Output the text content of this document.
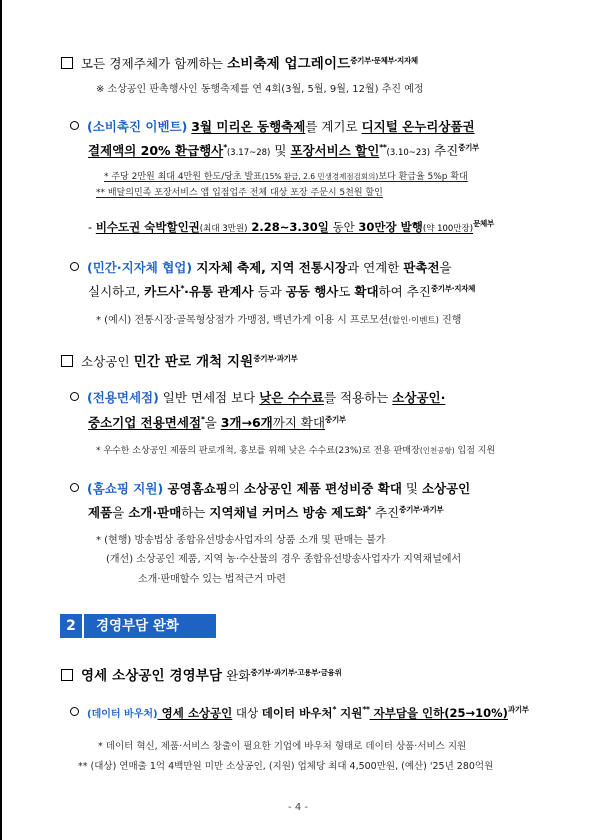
모든 경제주체가 함께하는 소비축제 업그레이드$^{중기부\cdot 문체부\cdot 지자체}$
※ 소상공인 판촉행사인 동행축제를 연 4회(3월, 5월, 9월, 12월) 추진 예정
(소비촉진 이벤트) 3월 미리온 동행축제를 계기로 디지털 온누리상품권
결제액의 20% 환급행사*(3.17~28) 및 포장서비스 할인**(3.10~23) 추진$^{중기부}$
* 주당 2만원 최대 4만원 한도/당초 발표(15% 환급, 2.6 민생경제점검회의)보다 환급율 5%p 확대
** 배달의민족 포장서비스 앱 입점업주 전체 대상 포장 주문시 5천원 할인
- 비수도권 숙박할인권(최대 3만원) 2.28~3.30일 동안 30만장 발행(약 100만장)$^{문체부}$
(민간·지자체 협업) 지자체 축제, 지역 전통시장과 연계한 판촉전을
실시하고, 카드사*·유통 관계사 등과 공동 행사도 확대하여 추진$^{중기부\cdot 지자체}$
* (예시) 전통시장·골목형상점가 가맹점, 백년가게 이용 시 프로모션(할인·이벤트) 진행
소상공인 민간 판로 개척 지원$^{중기부\cdot 과기부}$
(전용면세점) 일반 면세점 보다 낮은 수수료를 적용하는 소상공인·
중소기업 전용면세점*을 3개→6개까지 확대$^{중기부}$
* 우수한 소상공인 제품의 판로개척, 홍보를 위해 낮은 수수료(23%)로 전용 판매장(인천공항) 입점 지원
(홈쇼핑 지원) 공영홈쇼핑의 소상공인 제품 편성비중 확대 및 소상공인
제품을 소개·판매하는 지역채널 커머스 방송 제도화* 추진$^{중기부\cdot 과기부}$
* (현행) 방송법상 종합유선방송사업자의 상품 소개 및 판매는 불가
(개선) 소상공인 제품, 지역 농·수산물의 경우 종합유선방송사업자가 지역채널에서
소개·판매할수 있는 법적근거 마련
2	경영부담 완화
영세 소상공인 경영부담 완화$^{중기부\cdot 과기부\cdot 고용부\cdot 금융위}$
(데이터 바우처) 영세 소상공인 대상 데이터 바우처* 지원** 자부담을 인하$(25\to 10\%)^{과기부}$
* 데이터 혁신, 제품·서비스 창출이 필요한 기업에 바우처 형태로 데이터 상품·서비스 지원
** (대상) 연매출 1억 4백만원 미만 소상공인, (지원) 업체당 최대 4,500만원, (예산) '25년 280억원
- 4 -
